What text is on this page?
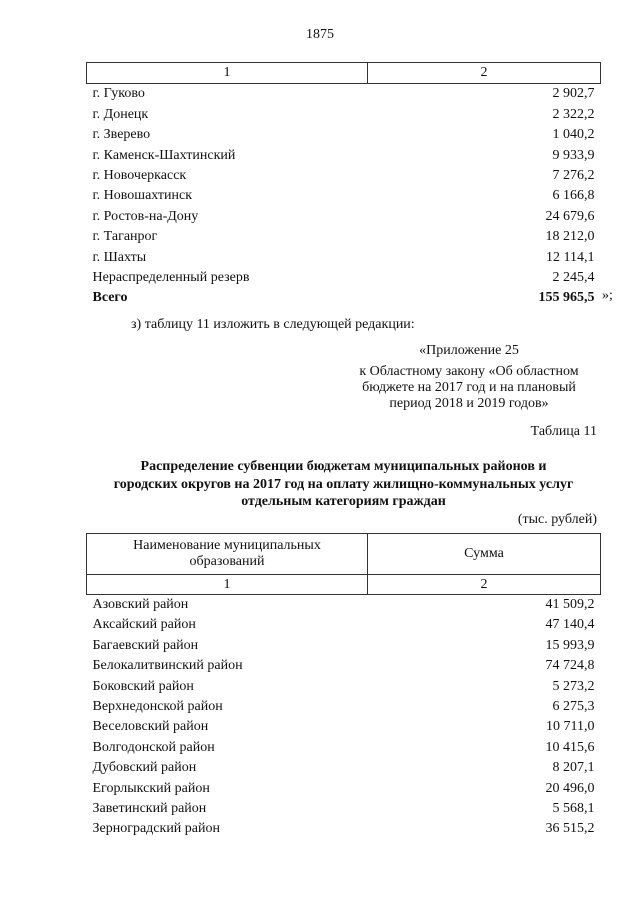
1875
1	2
г. Гуково	2 902,7
г. Донецк	2 322,2
г. Зверево	1 040,2
г. Каменск-Шахтинский	9 933,9
г. Новочеркасск	7 276,2
г. Новошахтинск	6 166,8
г. Ростов-на-Дону	24 679,6
г. Таганрог	18 212,0
г. Шахты	12 114,1
Нераспределенный резерв	2 245,4
Всего	155 965,5 »;
з) таблицу 11 изложить в следующей редакции:
«Приложение 25
к Областному закону «Об областном
бюджете на 2017 год и на плановый
период 2018 и 2019 годов»
Таблица 11
Распределение субвенции бюджетам муниципальных районов и
городских округов на 2017 год на оплату жилищно-коммунальных услуг
отдельным категориям граждан
(тыс. рублей)
Наименование муниципальных
образований	Сумма
1	2
Азовский район	41 509,2
Аксайский район	47 140,4
Багаевский район	15 993,9
Белокалитвинский район	74 724,8
Боковский район	5 273,2
Верхнедонской район	6 275,3
Веселовский район	10 711,0
Волгодонской район	10 415,6
Дубовский район	8 207,1
Егорлыкский район	20 496,0
Заветинский район	5 568,1
Зерноградский район	36 515,2
